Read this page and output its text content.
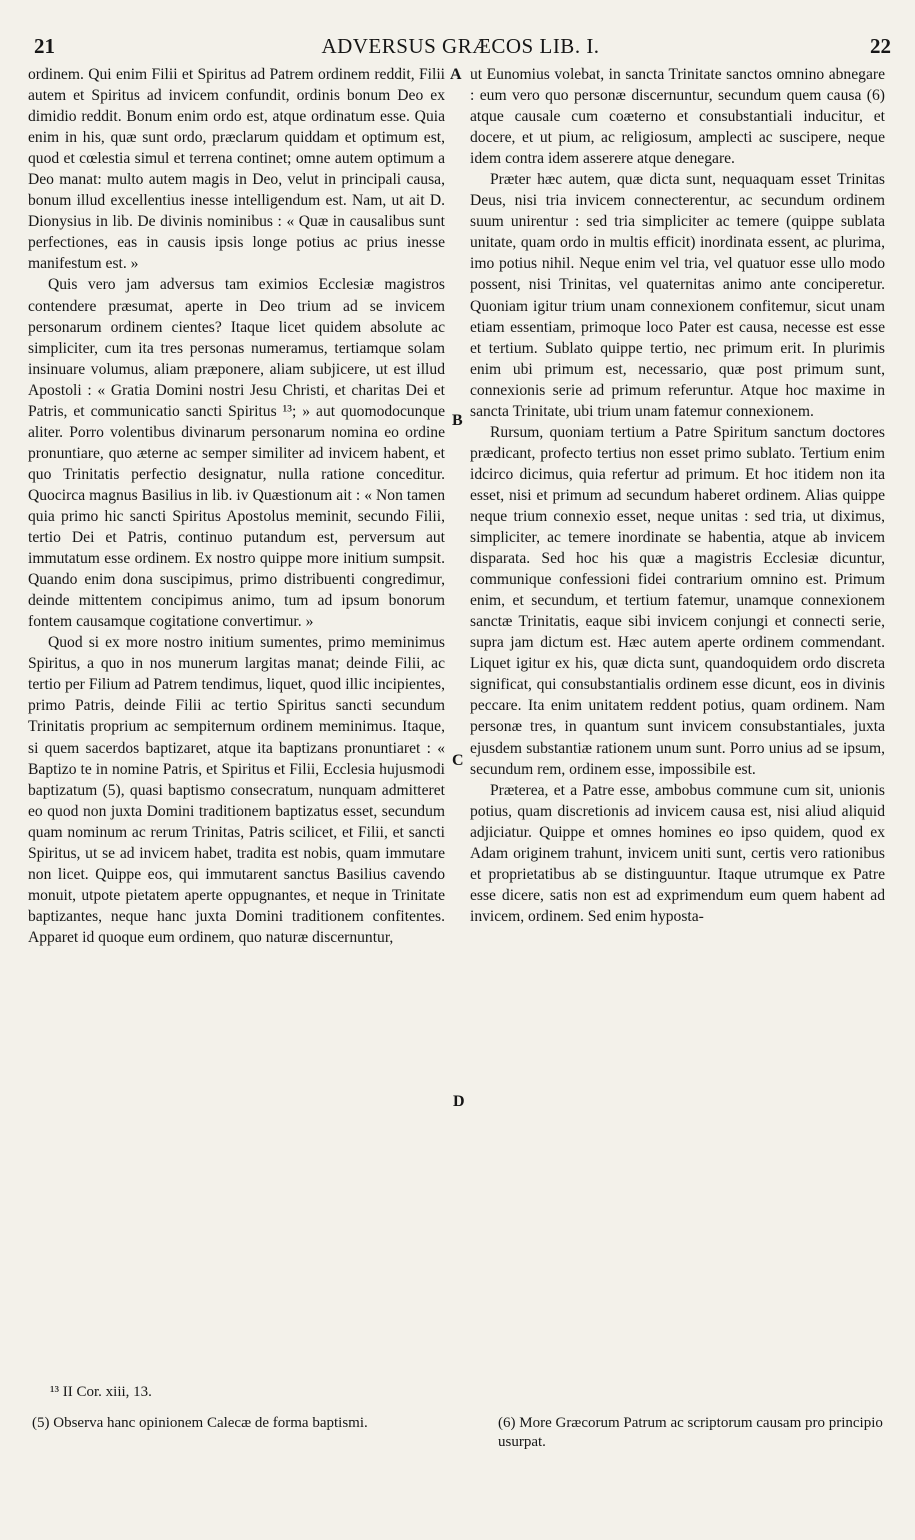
21	ADVERSUS GRÆCOS LIB. I.	22

ordinem. Qui enim Filii et Spiritus ad Patrem ordinem reddit, Filii autem et Spiritus ad invicem confundit, ordinis bonum Deo ex dimidio reddit. Bonum enim ordo est, atque ordinatum esse. Quia enim in his, quæ sunt ordo, præclarum quiddam et optimum est, quod et cœlestia simul et terrena continet; omne autem optimum a Deo manat: multo autem magis in Deo, velut in principali causa, bonum illud excellentius inesse intelligendum est. Nam, ut ait D. Dionysius in lib. De divinis nominibus : « Quæ in causalibus sunt perfectiones, eas in causis ipsis longe potius ac prius inesse manifestum est. »

Quis vero jam adversus tam eximios Ecclesiæ magistros contendere præsumat, aperte in Deo trium ad se invicem personarum ordinem cientes? Itaque licet quidem absolute ac simpliciter, cum ita tres personas numeramus, tertiamque solam insinuare volumus, aliam præponere, aliam subjicere, ut est illud Apostoli : « Gratia Domini nostri Jesu Christi, et charitas Dei et Patris, et communicatio sancti Spiritus ¹³; » aut quomodocunque aliter. Porro volentibus divinarum personarum nomina eo ordine pronuntiare, quo æterne ac semper similiter ad invicem habent, et quo Trinitatis perfectio designatur, nulla ratione conceditur. Quocirca magnus Basilius in lib. iv Quæstionum ait : « Non tamen quia primo hic sancti Spiritus Apostolus meminit, secundo Filii, tertio Dei et Patris, continuo putandum est, perversum aut immutatum esse ordinem. Ex nostro quippe more initium sumpsit. Quando enim dona suscipimus, primo distribuenti congredimur, deinde mittentem concipimus animo, tum ad ipsum bonorum fontem causamque cogitatione convertimur. »

Quod si ex more nostro initium sumentes, primo meminimus Spiritus, a quo in nos munerum largitas manat; deinde Filii, ac tertio per Filium ad Patrem tendimus, liquet, quod illic incipientes, primo Patris, deinde Filii ac tertio Spiritus sancti secundum Trinitatis proprium ac sempiternum ordinem meminimus. Itaque, si quem sacerdos baptizaret, atque ita baptizans pronuntiaret : « Baptizo te in nomine Patris, et Spiritus et Filii, Ecclesia hujusmodi baptizatum (5), quasi baptismo consecratum, nunquam admitteret eo quod non juxta Domini traditionem baptizatus esset, secundum quam nominum ac rerum Trinitas, Patris scilicet, et Filii, et sancti Spiritus, ut se ad invicem habet, tradita est nobis, quam immutare non licet. Quippe eos, qui immutarent sanctus Basilius cavendo monuit, utpote pietatem aperte oppugnantes, et neque in Trinitate baptizantes, neque hanc juxta Domini traditionem confitentes. Apparet id quoque eum ordinem, quo naturæ discernuntur,

A
B
C
D

ut Eunomius volebat, in sancta Trinitate sanctos omnino abnegare : eum vero quo personæ discernuntur, secundum quem causa (6) atque causale cum coæterno et consubstantiali inducitur, et docere, et ut pium, ac religiosum, amplecti ac suscipere, neque idem contra idem asserere atque denegare.

Præter hæc autem, quæ dicta sunt, nequaquam esset Trinitas Deus, nisi tria invicem connecterentur, ac secundum ordinem suum unirentur : sed tria simpliciter ac temere (quippe sublata unitate, quam ordo in multis efficit) inordinata essent, ac plurima, imo potius nihil. Neque enim vel tria, vel quatuor esse ullo modo possent, nisi Trinitas, vel quaternitas animo ante conciperetur. Quoniam igitur trium unam connexionem confitemur, sicut unam etiam essentiam, primoque loco Pater est causa, necesse est esse et tertium. Sublato quippe tertio, nec primum erit. In plurimis enim ubi primum est, necessario, quæ post primum sunt, connexionis serie ad primum referuntur. Atque hoc maxime in sancta Trinitate, ubi trium unam fatemur connexionem.

Rursum, quoniam tertium a Patre Spiritum sanctum doctores prædicant, profecto tertius non esset primo sublato. Tertium enim idcirco dicimus, quia refertur ad primum. Et hoc itidem non ita esset, nisi et primum ad secundum haberet ordinem. Alias quippe neque trium connexio esset, neque unitas : sed tria, ut diximus, simpliciter, ac temere inordinate se habentia, atque ab invicem disparata. Sed hoc his quæ a magistris Ecclesiæ dicuntur, communique confessioni fidei contrarium omnino est. Primum enim, et secundum, et tertium fatemur, unamque connexionem sanctæ Trinitatis, eaque sibi invicem conjungi et connecti serie, supra jam dictum est. Hæc autem aperte ordinem commendant. Liquet igitur ex his, quæ dicta sunt, quandoquidem ordo discreta significat, qui consubstantialis ordinem esse dicunt, eos in divinis peccare. Ita enim unitatem reddent potius, quam ordinem. Nam personæ tres, in quantum sunt invicem consubstantiales, juxta ejusdem substantiæ rationem unum sunt. Porro unius ad se ipsum, secundum rem, ordinem esse, impossibile est.

Præterea, et a Patre esse, ambobus commune cum sit, unionis potius, quam discretionis ad invicem causa est, nisi aliud aliquid adjiciatur. Quippe et omnes homines eo ipso quidem, quod ex Adam originem trahunt, invicem uniti sunt, certis vero rationibus et proprietatibus ab se distinguuntur. Itaque utrumque ex Patre esse dicere, satis non est ad exprimendum eum quem habent ad invicem, ordinem. Sed enim hyposta-

¹³ II Cor. xiii, 13.
(5) Observa hanc opinionem Calecæ de forma baptismi.	(6) More Græcorum Patrum ac scriptorum causam pro principio usurpat.
